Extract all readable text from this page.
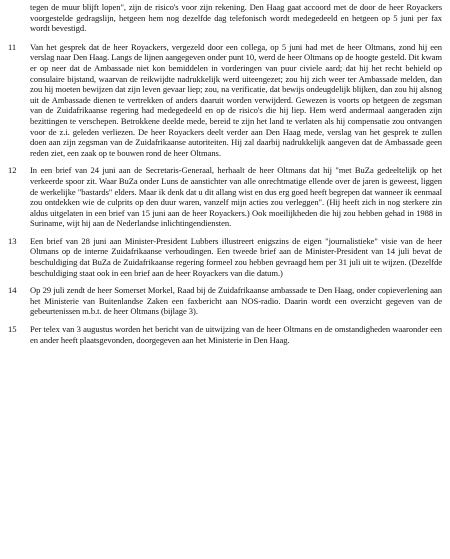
tegen de muur blijft lopen", zijn de risico's voor zijn rekening. Den Haag gaat accoord met de door de heer Royackers voorgestelde gedragslijn, hetgeen hem nog dezelfde dag telefonisch wordt medegedeeld en hetgeen op 5 juni per fax wordt bevestigd.
11	Van het gesprek dat de heer Royackers, vergezeld door een collega, op 5 juni had met de heer Oltmans, zond hij een verslag naar Den Haag. Langs de lijnen aangegeven onder punt 10, werd de heer Oltmans op de hoogte gesteld. Dit kwam er op neer dat de Ambassade niet kon bemiddelen in vorderingen van puur civiele aard; dat hij het recht behield op consulaire bijstand, waarvan de reikwijdte nadrukkelijk werd uiteengezet; zou hij zich weer ter Ambassade melden, dan zou hij moeten bewijzen dat zijn leven gevaar liep; zou, na verificatie, dat bewijs ondeugdelijk blijken, dan zou hij alsnog uit de Ambassade dienen te vertrekken of anders daaruit worden verwijderd. Gewezen is voorts op hetgeen de zegsman van de Zuidafrikaanse regering had medegedeeld en op de risico's die hij liep. Hem werd andermaal aangeraden zijn bezittingen te verschepen. Betrokkene deelde mede, bereid te zijn het land te verlaten als hij compensatie zou ontvangen voor de z.i. geleden verliezen. De heer Royackers deelt verder aan Den Haag mede, verslag van het gesprek te zullen doen aan zijn zegsman van de Zuidafrikaanse autoriteiten. Hij zal daarbij nadrukkelijk aangeven dat de Ambassade geen reden ziet, een zaak op te bouwen rond de heer Oltmans.
12	In een brief van 24 juni aan de Secretaris-Generaal, herhaalt de heer Oltmans dat hij "met BuZa gedeeltelijk op het verkeerde spoor zit. Waar BuZa onder Luns de aanstichter van alle onrechtmatige ellende over de jaren is geweest, liggen de werkelijke "bastards" elders. Maar ik denk dat u dit allang wist en dus erg goed heeft begrepen dat wanneer ik eenmaal zou ontdekken wie de culprits op den duur waren, vanzelf mijn acties zou verleggen". (Hij heeft zich in nog sterkere zin aldus uitgelaten in een brief van 15 juni aan de heer Royackers.) Ook moeilijkheden die hij zou hebben gehad in 1988 in Suriname, wijt hij aan de Nederlandse inlichtingendiensten.
13	Een brief van 28 juni aan Minister-President Lubbers illustreert enigszins de eigen "journalistieke" visie van de heer Oltmans op de interne Zuidafrikaanse verhoudingen. Een tweede brief aan de Minister-President van 14 juli bevat de beschuldiging dat BuZa de Zuidafrikaanse regering formeel zou hebben gevraagd hem per 31 juli uit te wijzen. (Dezelfde beschuldiging staat ook in een brief aan de heer Royackers van die datum.)
14	Op 29 juli zendt de heer Somerset Morkel, Raad bij de Zuidafrikaanse ambassade te Den Haag, onder copieverlening aan het Ministerie van Buitenlandse Zaken een faxbericht aan NOS-radio. Daarin wordt een overzicht gegeven van de gebeurtenissen m.b.t. de heer Oltmans (bijlage 3).
15	Per telex van 3 augustus worden het bericht van de uitwijzing van de heer Oltmans en de omstandigheden waaronder een en ander heeft plaatsgevonden, doorgegeven aan het Ministerie in Den Haag.
